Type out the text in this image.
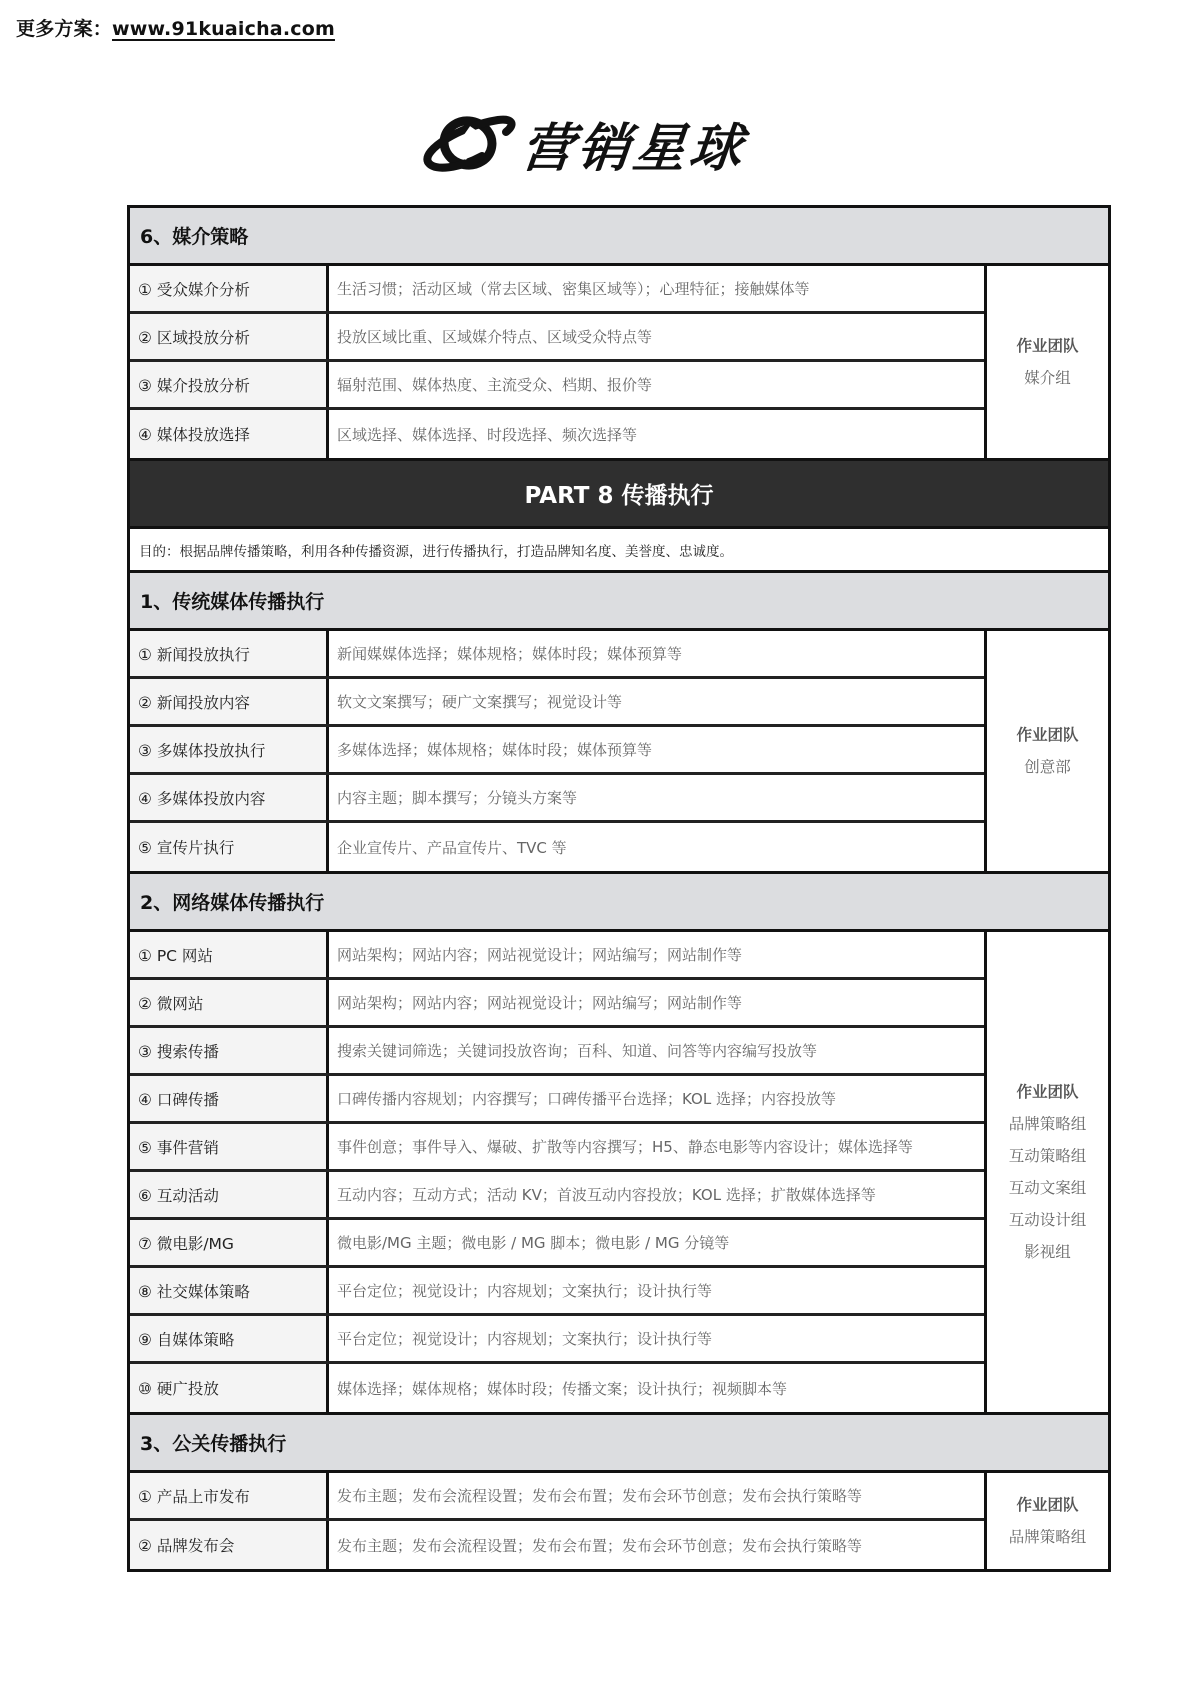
更多方案：www.91kuaicha.com
营销星球
6、媒介策略
① 受众媒介分析	生活习惯；活动区域（常去区域、密集区域等）；心理特征；接触媒体等
② 区域投放分析	投放区域比重、区域媒介特点、区域受众特点等
③ 媒介投放分析	辐射范围、媒体热度、主流受众、档期、报价等
④ 媒体投放选择	区域选择、媒体选择、时段选择、频次选择等
作业团队
媒介组
PART 8 传播执行
目的：根据品牌传播策略，利用各种传播资源，进行传播执行，打造品牌知名度、美誉度、忠诚度。
1、传统媒体传播执行
① 新闻投放执行	新闻媒媒体选择；媒体规格；媒体时段；媒体预算等
② 新闻投放内容	软文文案撰写；硬广文案撰写；视觉设计等
③ 多媒体投放执行	多媒体选择；媒体规格；媒体时段；媒体预算等
④ 多媒体投放内容	内容主题；脚本撰写；分镜头方案等
⑤ 宣传片执行	企业宣传片、产品宣传片、TVC 等
作业团队
创意部
2、网络媒体传播执行
① PC 网站	网站架构；网站内容；网站视觉设计；网站编写；网站制作等
② 微网站	网站架构；网站内容；网站视觉设计；网站编写；网站制作等
③ 搜索传播	搜索关键词筛选；关键词投放咨询；百科、知道、问答等内容编写投放等
④ 口碑传播	口碑传播内容规划；内容撰写；口碑传播平台选择；KOL 选择；内容投放等
⑤ 事件营销	事件创意；事件导入、爆破、扩散等内容撰写；H5、静态电影等内容设计；媒体选择等
⑥ 互动活动	互动内容；互动方式；活动 KV；首波互动内容投放；KOL 选择；扩散媒体选择等
⑦ 微电影/MG	微电影/MG 主题；微电影 / MG 脚本；微电影 / MG 分镜等
⑧ 社交媒体策略	平台定位；视觉设计；内容规划；文案执行；设计执行等
⑨ 自媒体策略	平台定位；视觉设计；内容规划；文案执行；设计执行等
⑩ 硬广投放	媒体选择；媒体规格；媒体时段；传播文案；设计执行；视频脚本等
作业团队
品牌策略组
互动策略组
互动文案组
互动设计组
影视组
3、公关传播执行
① 产品上市发布	发布主题；发布会流程设置；发布会布置；发布会环节创意；发布会执行策略等
② 品牌发布会	发布主题；发布会流程设置；发布会布置；发布会环节创意；发布会执行策略等
作业团队
品牌策略组
